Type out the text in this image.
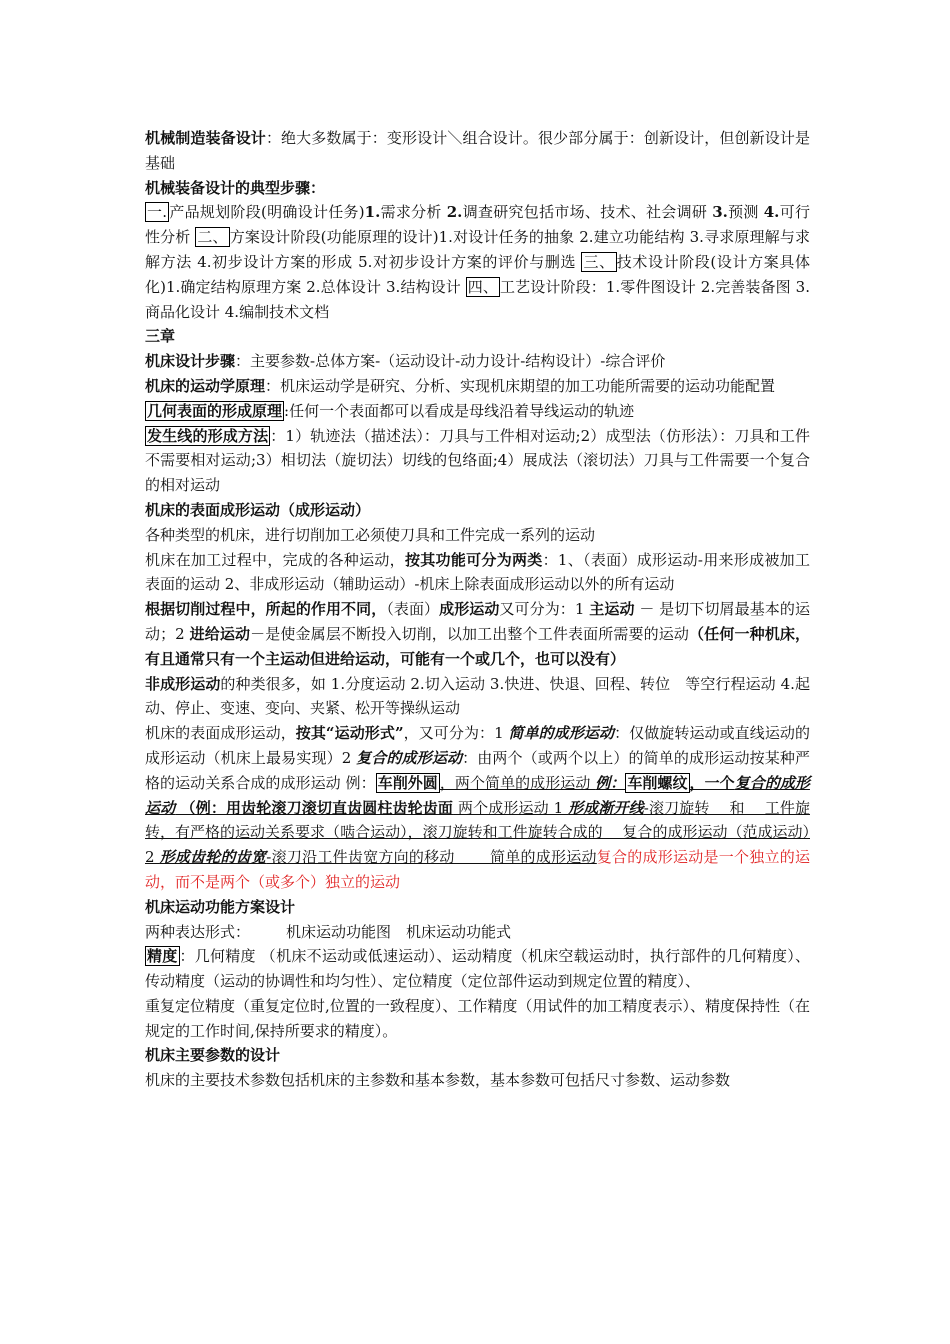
机械制造装备设计：绝大多数属于：变形设计＼组合设计。很少部分属于：创新设计，但创新设计是基础

机械装备设计的典型步骤：

一. 产品规划阶段(明确设计任务)1.需求分析 2.调查研究包括市场、技术、社会调研 3.预测 4.可行性分析 二、 方案设计阶段(功能原理的设计)1.对设计任务的抽象 2.建立功能结构 3.寻求原理解与求解方法 4.初步设计方案的形成 5.对初步设计方案的评价与删选 三、 技术设计阶段(设计方案具体化)1.确定结构原理方案 2.总体设计 3.结构设计 四、 工艺设计阶段：1.零件图设计 2.完善装备图 3.商品化设计 4.编制技术文档

三章

机床设计步骤：主要参数-总体方案-（运动设计-动力设计-结构设计）-综合评价

机床的运动学原理：机床运动学是研究、分析、实现机床期望的加工功能所需要的运动功能配置

几何表面的形成原理 :任何一个表面都可以看成是母线沿着导线运动的轨迹

发生线的形成方法 ：1）轨迹法（描述法）：刀具与工件相对运动;2）成型法（仿形法）：刀具和工件不需要相对运动;3）相切法（旋切法）切线的包络面;4）展成法（滚切法）刀具与工件需要一个复合的相对运动

机床的表面成形运动（成形运动）

各种类型的机床，进行切削加工必须使刀具和工件完成一系列的运动

机床在加工过程中，完成的各种运动，按其功能可分为两类：1、（表面）成形运动-用来形成被加工表面的运动 2、非成形运动（辅助运动）-机床上除表面成形运动以外的所有运动

根据切削过程中，所起的作用不同，（表面）成形运动又可分为：1 主运动 － 是切下切屑最基本的运动；2 进给运动－是使金属层不断投入切削，以加工出整个工件表面所需要的运动（任何一种机床，有且通常只有一个主运动但进给运动，可能有一个或几个，也可以没有）

非成形运动的种类很多，如 1.分度运动 2.切入运动 3.快进、快退、回程、转位　等空行程运动 4.起动、停止、变速、变向、夹紧、松开等操纵运动

机床的表面成形运动，按其“运动形式”，又可分为：1 简单的成形运动：仅做旋转运动或直线运动的成形运动（机床上最易实现）2 复合的成形运动：由两个（或两个以上）的简单的成形运动按某种严格的运动关系合成的成形运动 例： 车削外圆 ，两个简单的成形运动 例： 车削螺纹 ，一个复合的成形运动 （例：用齿轮滚刀滚切直齿圆柱齿轮齿面 两个成形运动 1 形成渐开线-滚刀旋转　 和　 工件旋转，有严格的运动关系要求（啮合运动），滚刀旋转和工件旋转合成的　 复合的成形运动（范成运动）2 形成齿轮的齿宽-滚刀沿工件齿宽方向的移动　　 简单的成形运动复合的成形运动是一个独立的运动，而不是两个（或多个）独立的运动

机床运动功能方案设计

两种表达形式： 机床运动功能图　机床运动功能式

精度 ：几何精度 （机床不运动或低速运动）、运动精度（机床空载运动时，执行部件的几何精度）、传动精度（运动的协调性和均匀性）、定位精度（定位部件运动到规定位置的精度）、

重复定位精度（重复定位时,位置的一致程度）、工作精度（用试件的加工精度表示）、精度保持性（在规定的工作时间,保持所要求的精度）。

机床主要参数的设计

机床的主要技术参数包括机床的主参数和基本参数，基本参数可包括尺寸参数、运动参数
